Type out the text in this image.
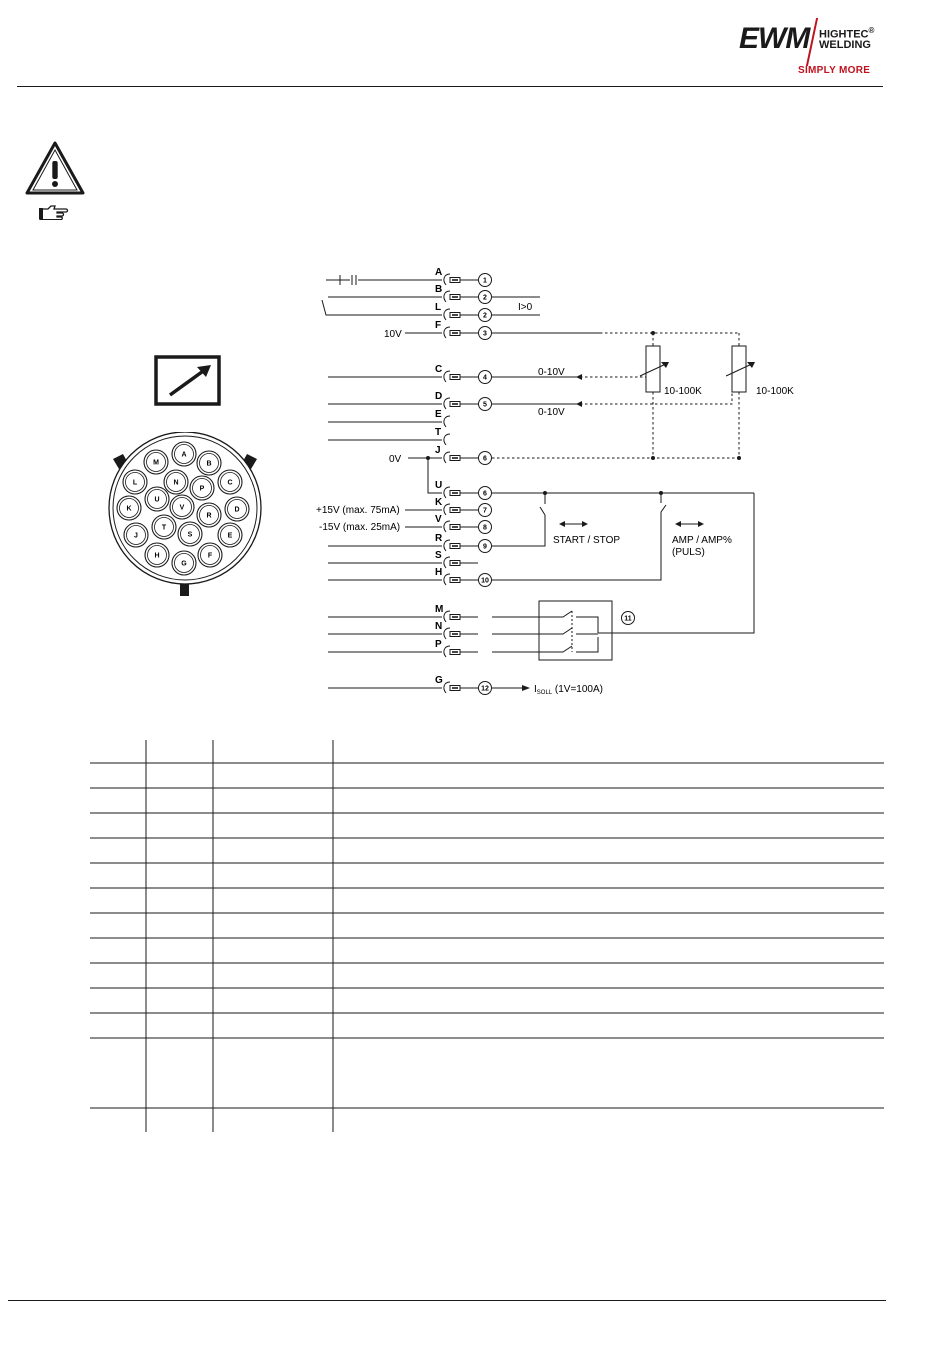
EWM HIGHTEC®
WELDING
SIMPLY MORE
A
B
C
D
E
F
G
H
J
K
L
M
N
P
R
S
T
U
V
A
B
L
F
C
D
E
T
J
U
K
V
R
S
H
M
N
P
G
1
2
2
3
4
5
6
6
7
8
9
10
11
12
I>0
10V
0-10V
0-10V
10-100K	10-100K
0V
+15V (max. 75mA)
-15V (max. 25mA)
START / STOP	AMP / AMP%
(PULS)
$I_{SOLL}$ (1V=100A)
